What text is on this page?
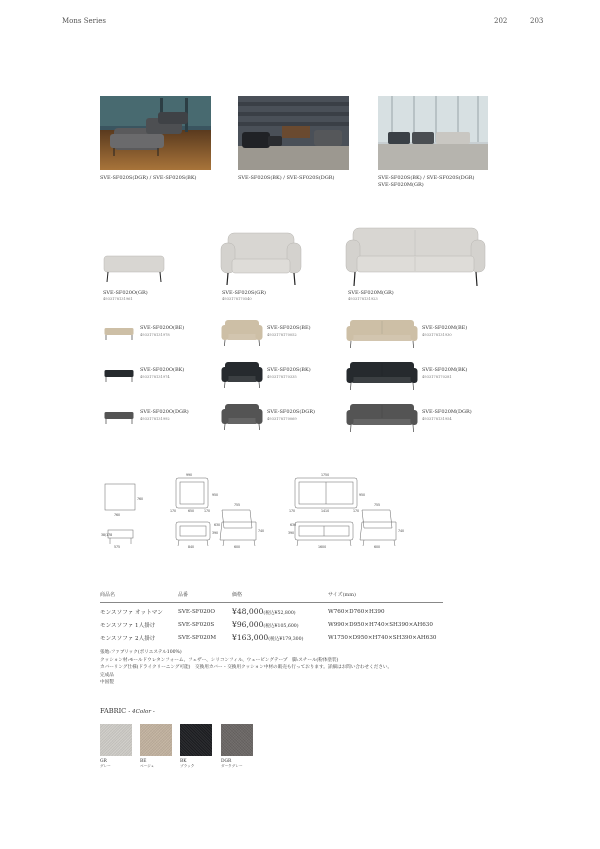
Mons Series	202	203
SVE-SF020S(DGR) / SVE-SF020S(BK)	SVE-SF020S(BK) / SVE-SF020S(DGR)	SVE-SF020S(BK) / SVE-SF020S(DGR)
SVE-SF020M(GR)
SVE-SF020O(GR)
4933178131961
SVE-SF020S(GR)
4933178170540
SVE-SF020M(GR)
4933178131923
SVE-SF020O(BE)
4933178131978
SVE-SF020S(BE)
4933178170052
SVE-SF020M(BE)
4933178131930
SVE-SF020O(BK)
4933178131974
SVE-SF020S(BK)
4933178170335
SVE-SF020M(BK)
4933178170281
SVE-SF020O(DGR)
4933178131992
SVE-SF020S(DGR)
4933178170069
SVE-SF020M(DGR)
4933178131954
760
760
38/178
575
990
170	650	170
950
755
740
390
630
840	600
1750
170	1410	170
950
755
740
390
630
1600	600
商品名	品番	価格	サイズ(mm)
モンスソファ オットマン	SVE-SF020O	¥48,000(税込¥52,800)	W760×D760×H390
モンスソファ 1人掛け	SVE-SF020S	¥96,000(税込¥105,600)	W990×D950×H740×SH390×AH630
モンスソファ 2人掛け	SVE-SF020M	¥163,000(税込¥179,300)	W1750×D950×H740×SH390×AH630
張地:ファブリック(ポリエステル100%)
クッション材:モールドウレタンフォーム、フェザー、シリコンフィル、ウェービングテープ　脚:スチール(粉体塗装)
カバーリング仕様(ドライクリーニング可能)　交換用カバー・交換用クッション中材の販売も行っております。詳細はお問い合わせください。
完成品
中国製
FABRIC - 4Color -
GR
グレー
BE
ベージュ
BK
ブラック
DGR
ダークグレー
